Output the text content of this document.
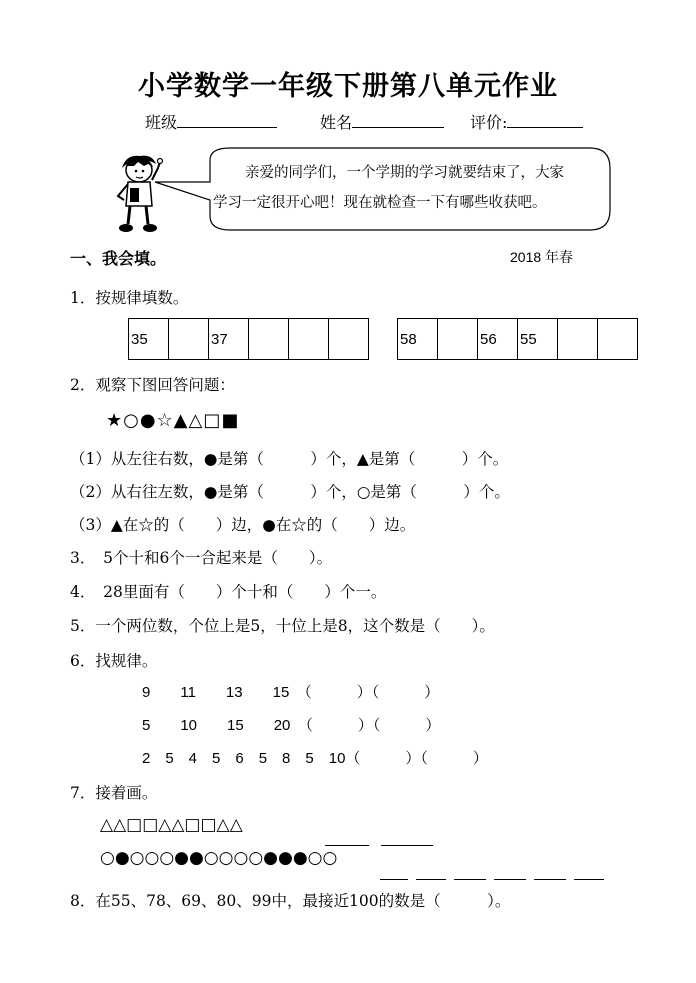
小学数学一年级下册第八单元作业
班级	姓名	评价:
亲爱的同学们，一个学期的学习就要结束了，大家
学习一定很开心吧！现在就检查一下有哪些收获吧。
一、我会填。	2018 年春
1．按规律填数。
35		37				58		56	55		
2．观察下图回答问题：
★○●☆▲△□■
（1）从左往右数，●是第（　　　）个，▲是第（　　　）个。
（2）从右往左数，●是第（　　　）个，○是第（　　　）个。
（3）▲在☆的（　　）边，●在☆的（　　）边。
3．　5个十和6个一合起来是（　　）。
4．　28里面有（　　）个十和（　　）个一。
5．一个两位数，个位上是5，十位上是8，这个数是（　　）。
6．找规律。
9　　11　　13　　15　（　　　）（　　　）
5　　10　　15　　20　（　　　）（　　　）
2　5　4　5　6　5　8　5　10（　　　）（　　　）
7．接着画。
△△□□△△□□△△
○●○○○●●○○○○●●●○○
8．在55、78、69、80、99中，最接近100的数是（　　　）。
